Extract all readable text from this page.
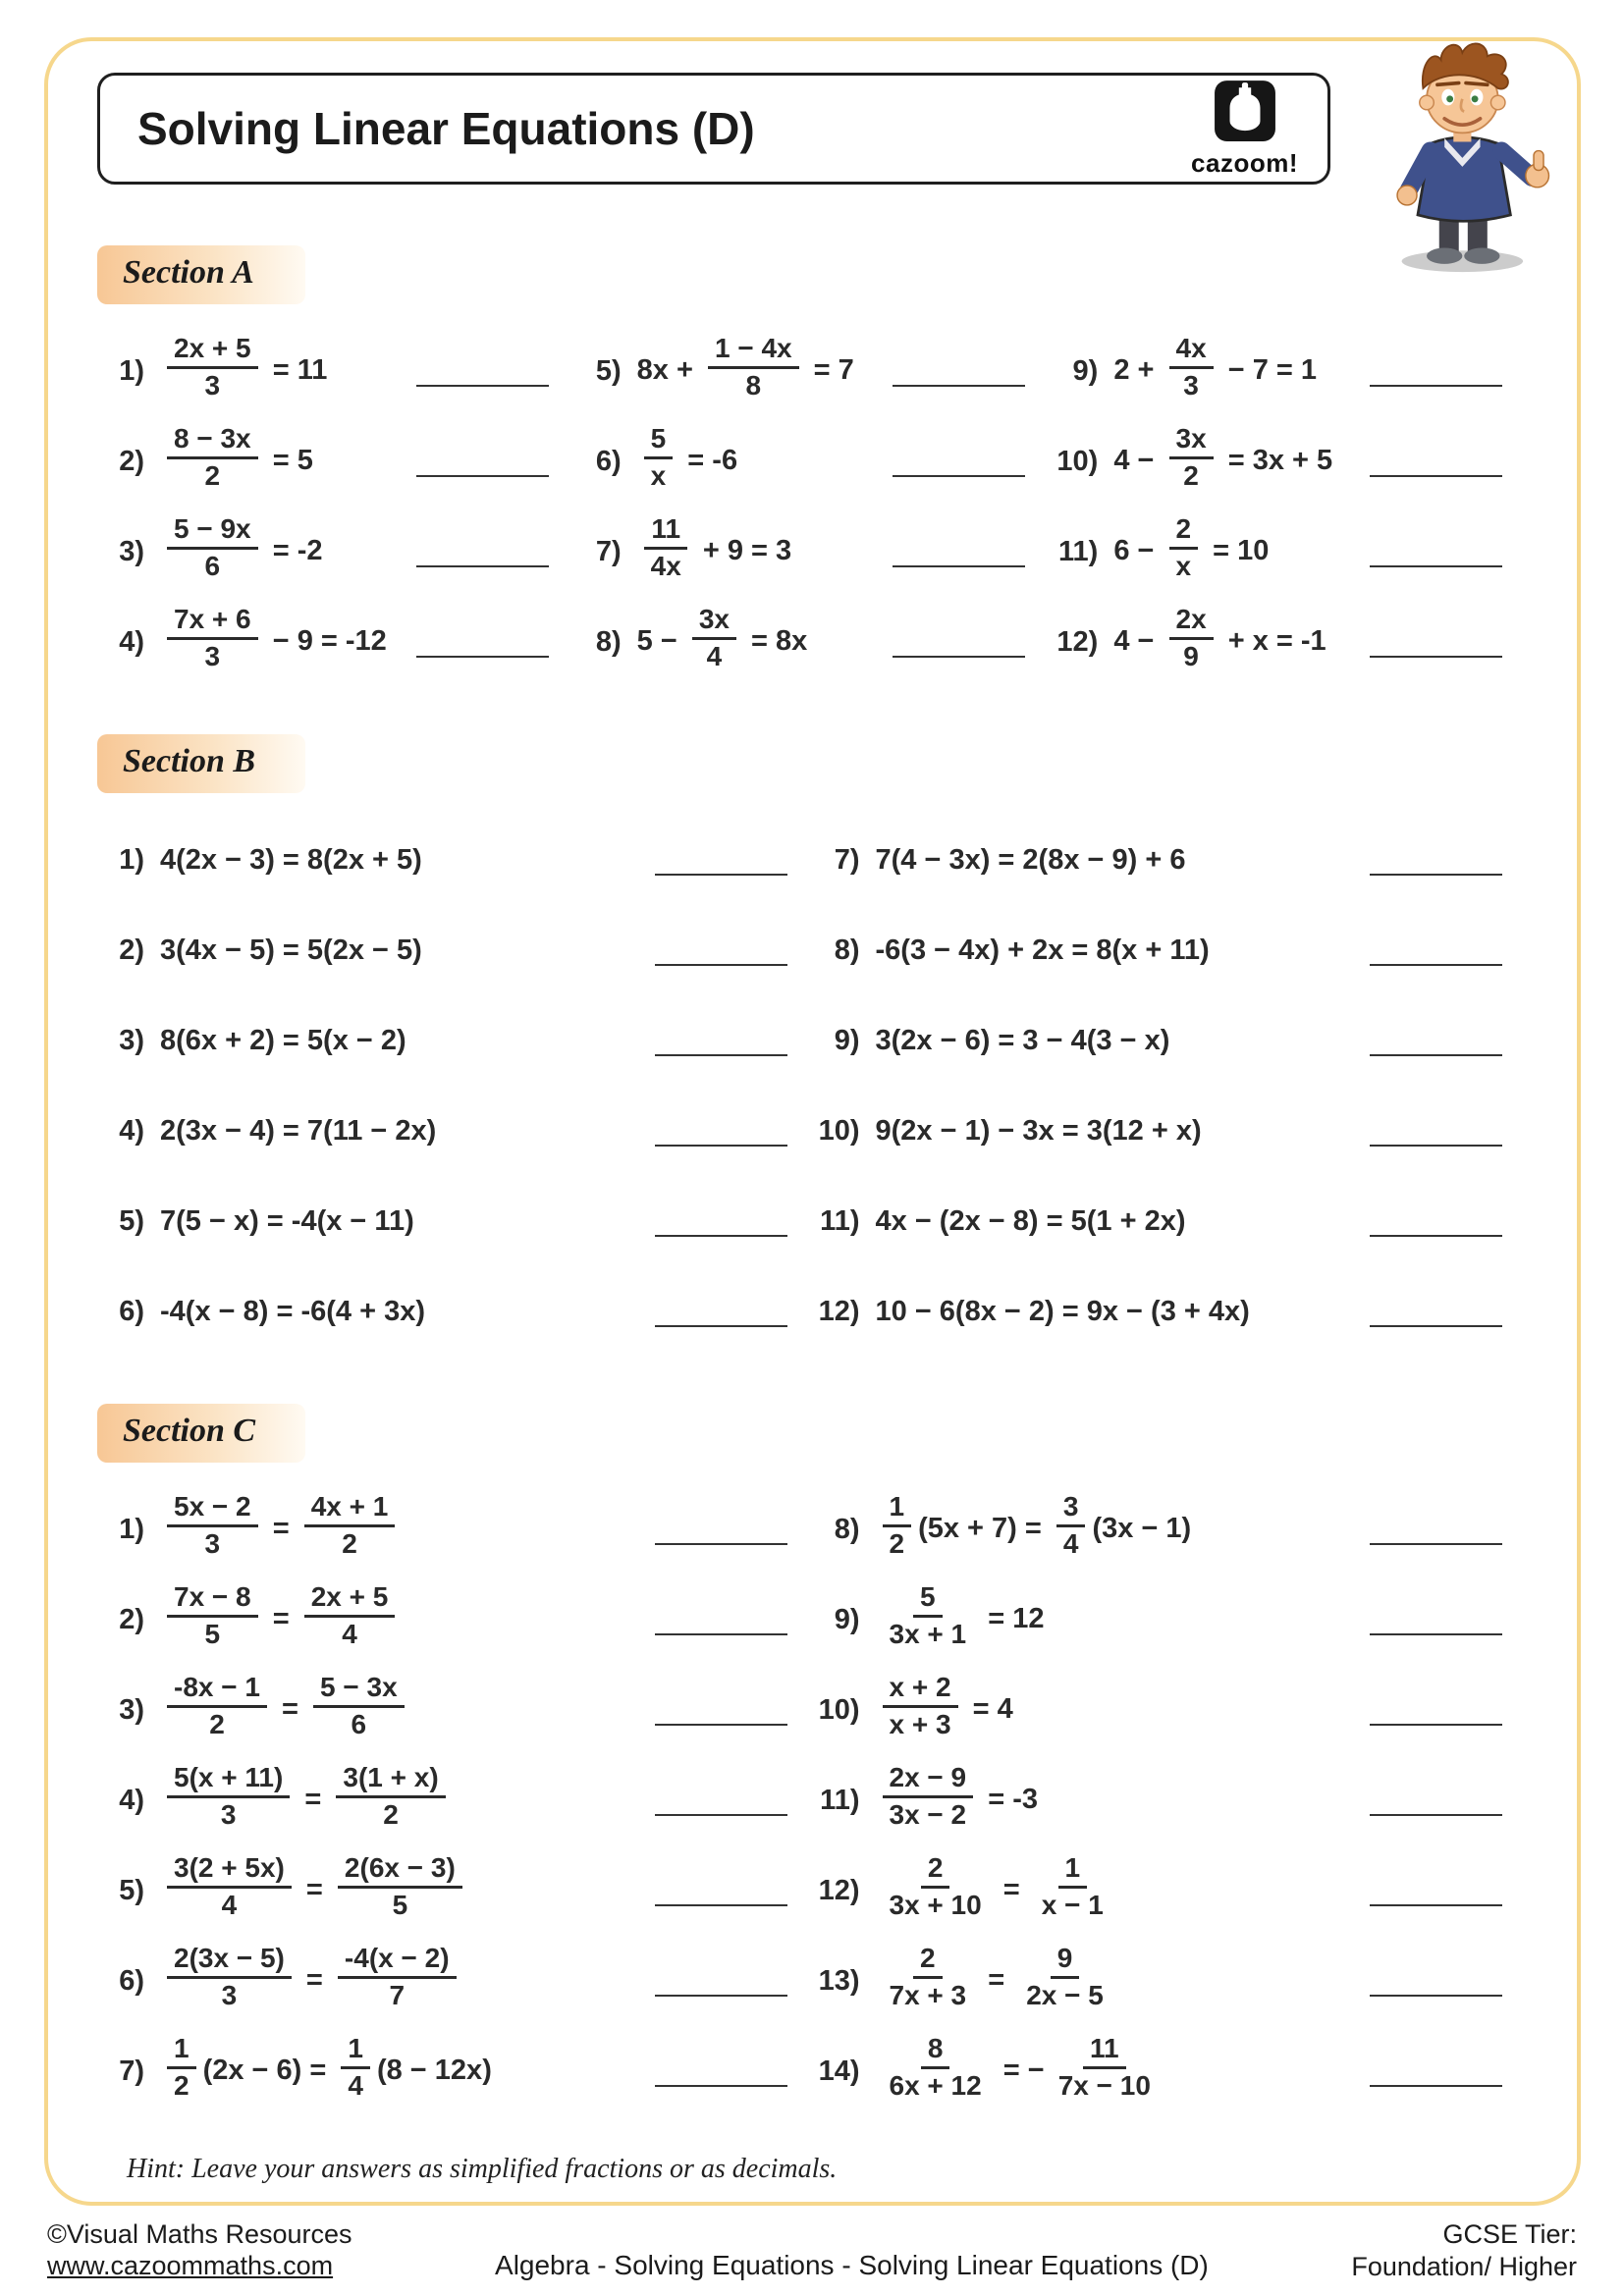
Solving Linear Equations (D)
cazoom!
Section A
$1) \frac{2x + 5}{3} = 11$
$2) \frac{8 - 3x}{2} = 5$
$3) \frac{5 - 9x}{6} = -2$
$4) \frac{7x + 6}{3} - 9 = -12$
5) $8x + \frac{1 - 4x}{8} = 7$
$6) \frac{5}{x} = -6$
$7) \frac{11}{4x} + 9 = 3$
8) $5 - \frac{3x}{4} = 8x$
9) $2 + \frac{4x}{3} - 7 = 1$
10) $4 - \frac{3x}{2} = 3x + 5$
11) $6 - \frac{2}{x} = 10$
12) $4 - \frac{2x}{9} + x = -1$
Section B
1) 4(2x − 3) = 8(2x + 5)
2) 3(4x − 5) = 5(2x − 5)
3) 8(6x + 2) = 5(x − 2)
4) 2(3x − 4) = 7(11 − 2x)
5) 7(5 − x) = -4(x − 11)
6) -4(x − 8) = -6(4 + 3x)
7) 7(4 − 3x) = 2(8x − 9) + 6
8) -6(3 − 4x) + 2x = 8(x + 11)
9) 3(2x − 6) = 3 − 4(3 − x)
10) 9(2x − 1) − 3x = 3(12 + x)
11) 4x − (2x − 8) = 5(1 + 2x)
12) 10 − 6(8x − 2) = 9x − (3 + 4x)
Section C
$1) \frac{5x - 2}{3} = \frac{4x + 1}{2}$
$2) \frac{7x - 8}{5} = \frac{2x + 5}{4}$
$3) \frac{-8x - 1}{2} = \frac{5 - 3x}{6}$
$4) \frac{5(x + 11)}{3} = \frac{3(1 + x)}{2}$
$5) \frac{3(2 + 5x)}{4} = \frac{2(6x - 3)}{5}$
$6) \frac{2(3x - 5)}{3} = \frac{-4(x - 2)}{7}$
$7) \frac{1}{2} (2x - 6) = \frac{1}{4} (8 - 12x)$
$8) \frac{1}{2} (5x + 7) = \frac{3}{4} (3x - 1)$
$9) \frac{5}{3x + 1} = 12$
$10) \frac{x + 2}{x + 3} = 4$
$11) \frac{2x - 9}{3x - 2} = -3$
$12) \frac{2}{3x + 10} = \frac{1}{x - 1}$
$13) \frac{2}{7x + 3} = \frac{9}{2x - 5}$
$14) \frac{8}{6x + 12}$ = − $\frac{11}{7x - 10}$

Hint: Leave your answers as simplified fractions or as decimals.

©Visual Maths Resources
www.cazoommaths.com	Algebra - Solving Equations - Solving Linear Equations (D)
GCSE Tier:
Foundation/ Higher
